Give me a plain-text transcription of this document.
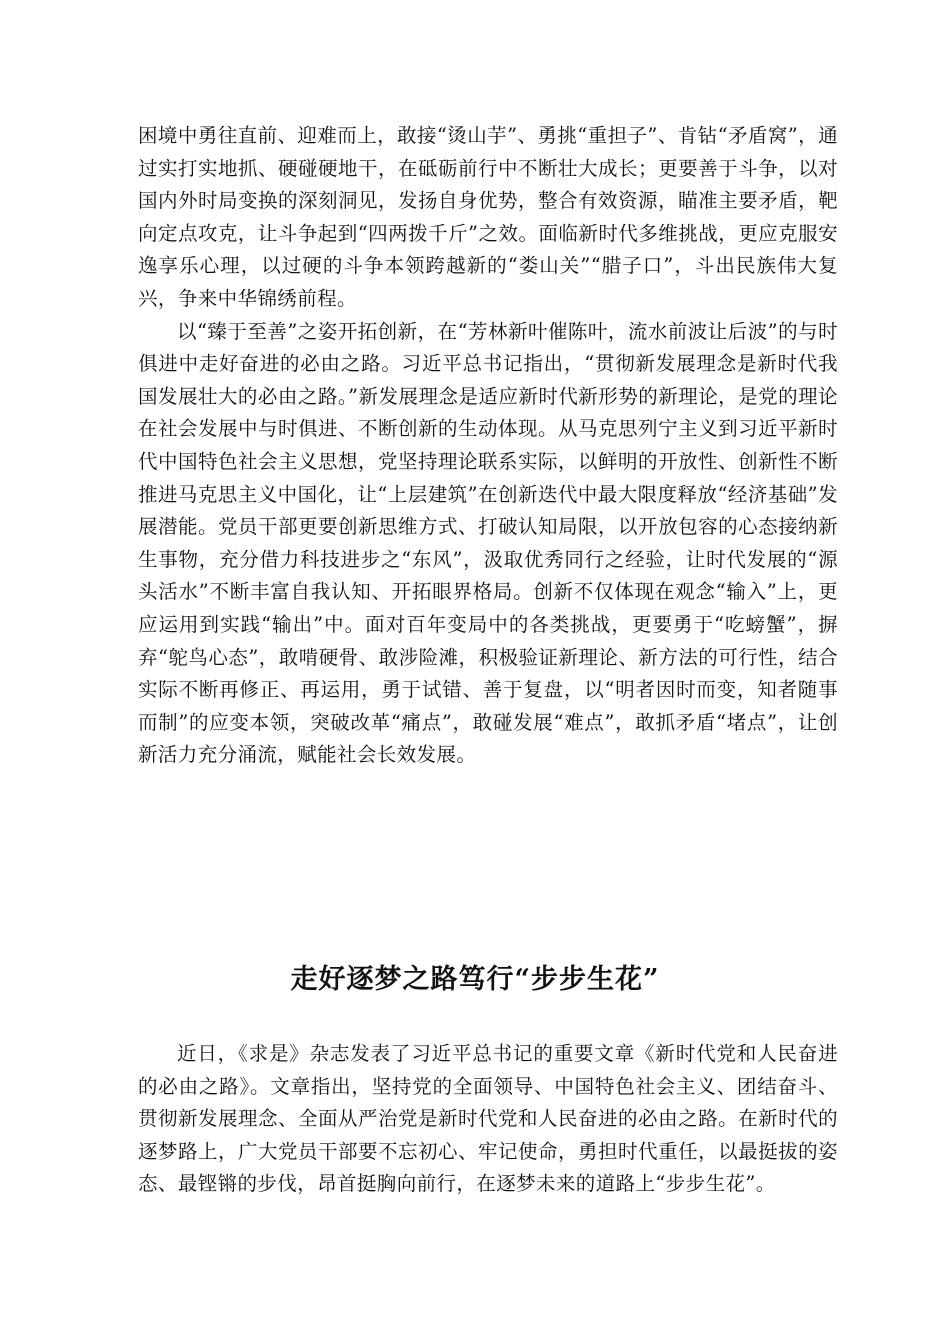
困境中勇往直前、迎难而上，敢接“烫山芋”、勇挑“重担子”、肯钻“矛盾窝”，通过实打实地抓、硬碰硬地干，在砥砺前行中不断壮大成长；更要善于斗争，以对国内外时局变换的深刻洞见，发扬自身优势，整合有效资源，瞄准主要矛盾，靶向定点攻克，让斗争起到“四两拨千斤”之效。面临新时代多维挑战，更应克服安逸享乐心理，以过硬的斗争本领跨越新的“娄山关”“腊子口”，斗出民族伟大复兴，争来中华锦绣前程。

以“臻于至善”之姿开拓创新，在“芳林新叶催陈叶，流水前波让后波”的与时俱进中走好奋进的必由之路。习近平总书记指出，“贯彻新发展理念是新时代我国发展壮大的必由之路。”新发展理念是适应新时代新形势的新理论，是党的理论在社会发展中与时俱进、不断创新的生动体现。从马克思列宁主义到习近平新时代中国特色社会主义思想，党坚持理论联系实际，以鲜明的开放性、创新性不断推进马克思主义中国化，让“上层建筑”在创新迭代中最大限度释放“经济基础”发展潜能。党员干部更要创新思维方式、打破认知局限，以开放包容的心态接纳新生事物，充分借力科技进步之“东风”，汲取优秀同行之经验，让时代发展的“源头活水”不断丰富自我认知、开拓眼界格局。创新不仅体现在观念“输入”上，更应运用到实践“输出”中。面对百年变局中的各类挑战，更要勇于“吃螃蟹”，摒弃“鸵鸟心态”，敢啃硬骨、敢涉险滩，积极验证新理论、新方法的可行性，结合实际不断再修正、再运用，勇于试错、善于复盘，以“明者因时而变，知者随事而制”的应变本领，突破改革“痛点”，敢碰发展“难点”，敢抓矛盾“堵点”，让创新活力充分涌流，赋能社会长效发展。

走好逐梦之路笃行“步步生花”

近日，《求是》杂志发表了习近平总书记的重要文章《新时代党和人民奋进的必由之路》。文章指出，坚持党的全面领导、中国特色社会主义、团结奋斗、贯彻新发展理念、全面从严治党是新时代党和人民奋进的必由之路。在新时代的逐梦路上，广大党员干部要不忘初心、牢记使命，勇担时代重任，以最挺拔的姿态、最铿锵的步伐，昂首挺胸向前行，在逐梦未来的道路上“步步生花”。
